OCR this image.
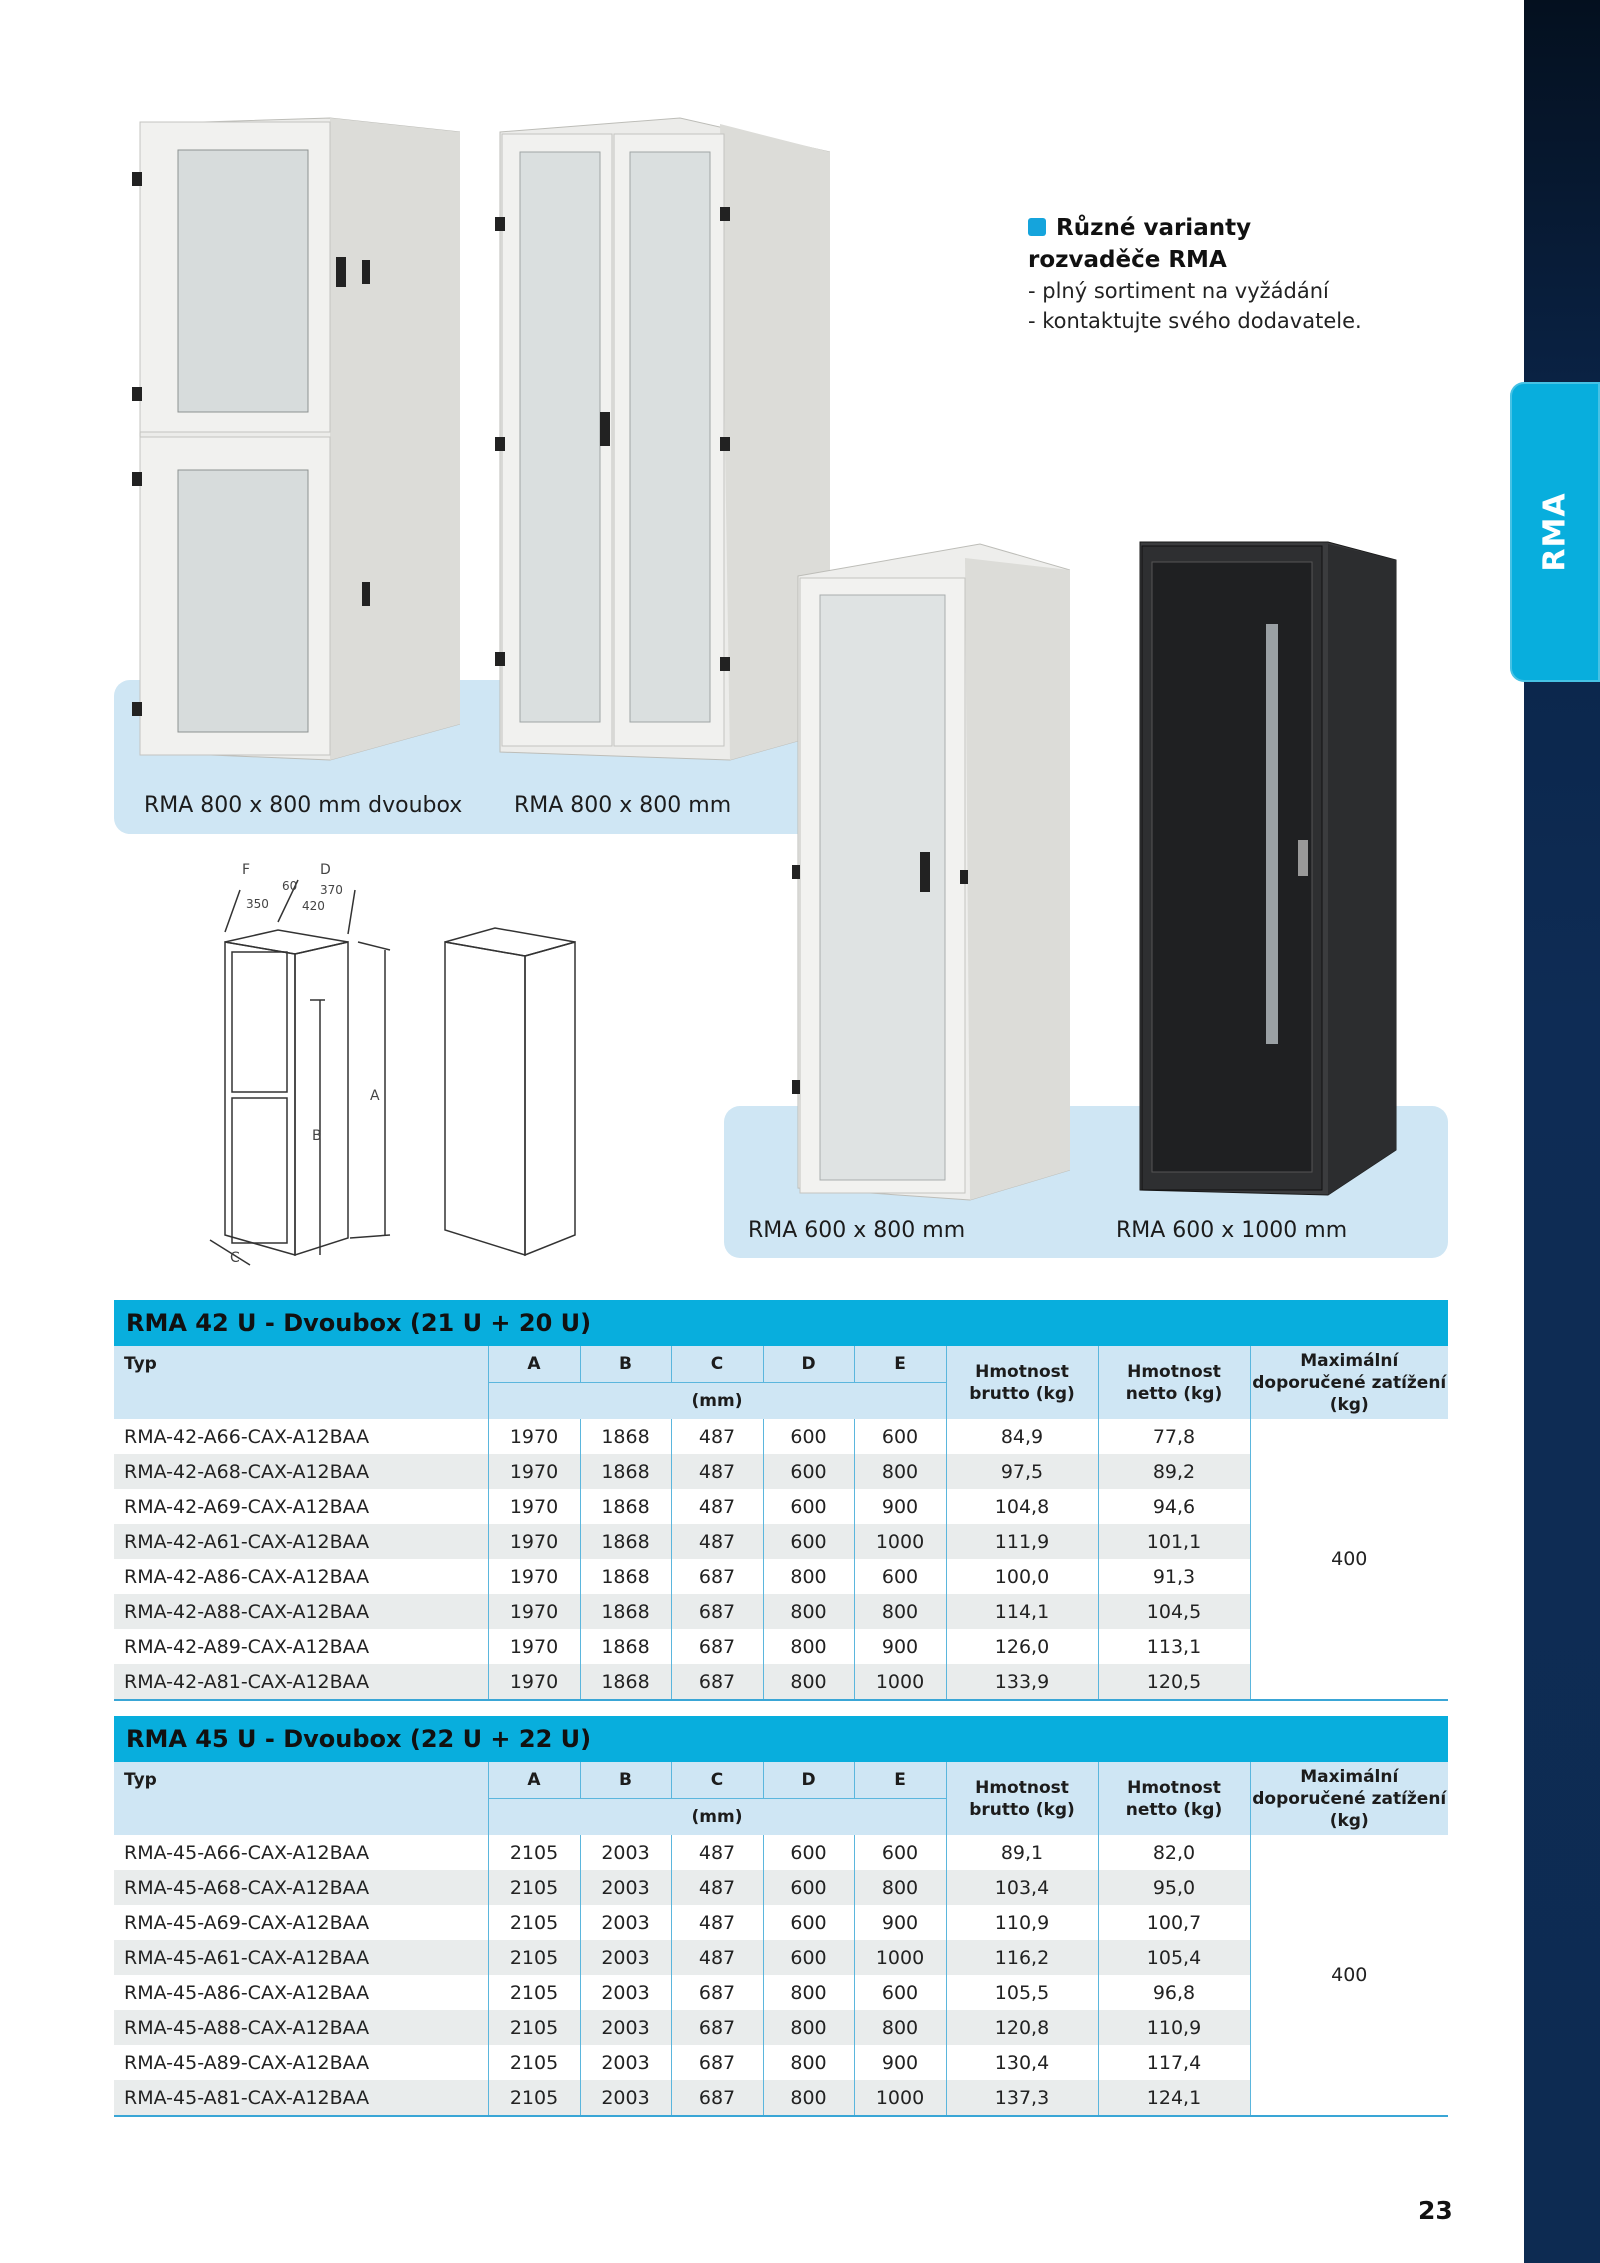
RMA
F	D
60 370
350	420
A
B
C
RMA 800 x 800 mm dvoubox RMA 800 x 800 mm
RMA 600 x 800 mm	RMA 600 x 1000 mm
Různé varianty
rozvaděče RMA
- plný sortiment na vyžádání
- kontaktujte svého dodavatele.
RMA 42 U - Dvoubox (21 U + 20 U)
Typ	A	B	C	D	E	Hmotnost brutto (kg)	Hmotnost netto (kg)	Maximální doporučené zatížení (kg)
	(mm)							
RMA-42-A66-CAX-A12BAA	1970	1868	487	600	600	84,9	77,8	400
RMA-42-A68-CAX-A12BAA	1970	1868	487	600	800	97,5	89,2	
RMA-42-A69-CAX-A12BAA	1970	1868	487	600	900	104,8	94,6	
RMA-42-A61-CAX-A12BAA	1970	1868	487	600	1000	111,9	101,1	
RMA-42-A86-CAX-A12BAA	1970	1868	687	800	600	100,0	91,3	
RMA-42-A88-CAX-A12BAA	1970	1868	687	800	800	114,1	104,5	
RMA-42-A89-CAX-A12BAA	1970	1868	687	800	900	126,0	113,1	
RMA-42-A81-CAX-A12BAA	1970	1868	687	800	1000	133,9	120,5	
RMA 45 U - Dvoubox (22 U + 22 U)
Typ	A	B	C	D	E	Hmotnost brutto (kg)	Hmotnost netto (kg)	Maximální doporučené zatížení (kg)
	(mm)							
RMA-45-A66-CAX-A12BAA	2105	2003	487	600	600	89,1	82,0	400
RMA-45-A68-CAX-A12BAA	2105	2003	487	600	800	103,4	95,0	
RMA-45-A69-CAX-A12BAA	2105	2003	487	600	900	110,9	100,7	
RMA-45-A61-CAX-A12BAA	2105	2003	487	600	1000	116,2	105,4	
RMA-45-A86-CAX-A12BAA	2105	2003	687	800	600	105,5	96,8	
RMA-45-A88-CAX-A12BAA	2105	2003	687	800	800	120,8	110,9	
RMA-45-A89-CAX-A12BAA	2105	2003	687	800	900	130,4	117,4	
RMA-45-A81-CAX-A12BAA	2105	2003	687	800	1000	137,3	124,1	
23
